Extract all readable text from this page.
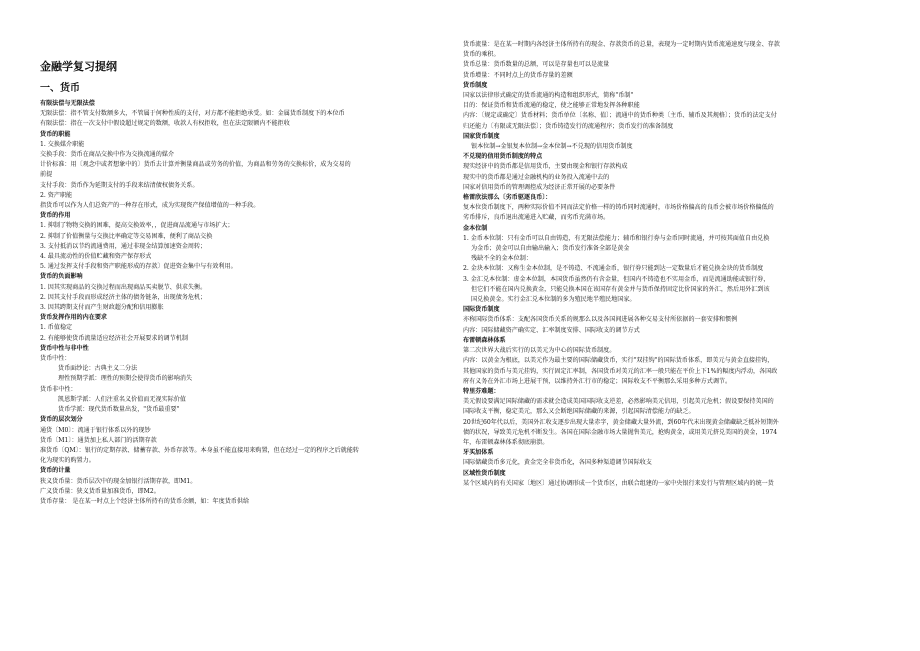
金融学复习提纲
一、货币
有限法偿与无限法偿
无限法偿：指不管支付数额多大，不管属于何种性质的支付，对方都不能拒绝承受。如：金属货币制度下的本位币
有限法偿：指在一次支付中假设超过规定的数额，收款人有权拒收，但在法定限额内不能拒收
货币的职能
1. 交换媒介职能
交换手段：货币在商品交换中作为交换流通的媒介
计价标准：用〔观念中或者想象中的〕货币去计算并衡量商品或劳务的价值，为商品和劳务的交换标价，成为交易的
前提
支付手段：货币作为延期支付的手段来结清债权债务关系。
2. 资产职能
指货币可以作为人们总资产的一种存在形式，成为实现资产保值增值的一种手段。
货币的作用
1. 抑制了物物交换的困难，提高交换效率，，促进商品流通与市场扩大；
2. 抑制了价值衡量与交换比率确定等交易困难，便利了商品交换
3. 支付抵消以节约流通费用，通过非现金结算加速资金周转；
4. 最具流动性的价值贮藏和资产保存形式
5. 通过发挥支付手段和资产职能形成的存款〕促进资金集中与有效利用。
货币的负面影响
1. 因其实现商品的交换过程而出现商品买卖脱节、供求失衡。
2. 因其支付手段而形成经济主体的债务链条，出现债务危机；
3. 因其跨期支付而产生财政超分配和信用膨胀
货币发挥作用的内在要求
1. 币值稳定
2. 有能够使货币流量适应经济社会开展要求的调节机制
货币中性与非中性
货币中性：
货币面纱论：古典主义二分法
理性预期学派：理性的预期会使得货币的影响消失
货币非中性：
凯恩斯学派：人们注重名义价值而无视实际价值
货币学派：现代货币数量出发，"货币最重要"
货币的层次划分
通货〔M0〕：流通于银行体系以外的现钞
货币〔M1〕：通货加上私人部门的活期存款
准货币〔QM〕：银行的定期存款、储蓄存款、外币存款等。本身虽不能直接用来购置，但在经过一定的程序之后就能转
化为现实的购置力。
货币的计量
狭义货币量：货币层次中的现金加银行活期存款，即M1。
广义货币量：狭义货币量加准货币，即M2。
货币存量： 是在某一时点上个经济主体所持有的货币余额，如：年度货币供给
货币流量：是在某一时期内各经济主体所持有的现金、存款货币的总量，表现为一定时期内货币流通速度与现金、存款
货币的乘积。
货币总量：货币数量的总额，可以是存量也可以是流量
货币增量：不同时点上的货币存量的差额
货币制度
国家以法律形式确定的货币流通的构造和组织形式，简称"币制"
目的：保证货币和货币流通的稳定，使之能够正常地发挥各种职能
内容：〔规定或确定〕货币材料；货币单位〔名称、值〕；流通中的货币种类〔主币、辅币及其规格〕；货币的法定支付
归还能力〔有限或无限法偿〕；货币铸造发行的流通程序；货币发行的准备制度
国家货币制度
银本位制→金银复本位制→金本位制→不兑现的信用货币制度
不兑现的信用货币制度的特点
现实经济中的货币都是信用货币，主要由现金和银行存款构成
现实中的货币都是通过金融机构的业务投入流通中去的
国家对信用货币的管理调控成为经济正常开展的必要条件
格雷欣法那么〔劣币驱逐良币〕：
复本位货币制度下，两种实际价值不同而法定价格一样的铸币同时流通时，市场价格偏高的良币会被市场价格偏低的
劣币排斥，良币退出流通进入贮藏，而劣币充满市场。
金本位制
1. 金币本位制：只有金币可以自由铸造，有无限法偿能力；辅币和银行券与金币同时流通，并可按其面值自由兑换
为金币；黄金可以自由输出输入；货币发行准备全部是黄金
残缺不全的金本位制：
2. 金块本位制：又称生金本位制，是不铸造、不流通金币，银行券只能到达一定数量后才能兑换金块的货币制度
3. 金汇兑本位制：虚金本位制，本国货币虽然仍有含金量，但国内不铸造也不实用金币，而是流通助能或银行券，
但它们不能在国内兑换黄金，只能兑换本国在该国存有黄金并与货币保持固定比价国家的外汇，然后用外汇到该
国兑换黄金。实行金汇兑本位制的多为殖民地半殖民地国家。
国际货币制度
亦称国际货币体系：支配各国货币关系的规那么以及各国间进展各种交易支付所依据的一套安排和惯例
内容：国际储藏资产确实定、汇率制度安排、国际收支的调节方式
布雷顿森林体系
第二次世界大战后实行的以美元为中心的国际货币制度。
内容：以黄金为根底，以美元作为最主要的国际储藏货币，实行"双挂钩"的国际货币体系，即美元与黄金直接挂钩，
其他国家的货币与美元挂钩，实行固定汇率制，各国货币对美元的汇率一般只能在平价上下1%的幅度内浮动，各国政
府有义务在外汇市场上进展干预，以维持外汇行市的稳定；国际收支不平衡那么采用多种方式调节。
特里芬难题：
美元假设要满足国际储藏的需求就会造成美国国际收支逆差，必然影响美元信用，引起美元危机；假设要保持美国的
国际收支平衡，稳定美元，那么又会断绝国际储藏的来源，引起国际清偿能力的缺乏。
20世纪60年代以后，美国外汇收支逐步出现大量赤字，黄金储藏大量外流，到60年代末出现黄金储藏缺乏抵补短期外
债的状况，导致美元危机不断发生。各国在国际金融市场大量抛售美元，抢购黄金，或用美元挤兑美国的黄金，1974
年，布雷顿森林体系彻底崩溃。
牙买加体系
国际储藏货币多元化，黄金完全非货币化，各国多种渠道调节国际收支
区域性货币制度
某个区域内的有关国家〔地区〕通过协调形成一个货币区，由联合组建的一家中央银行来发行与管理区域内的统一货
